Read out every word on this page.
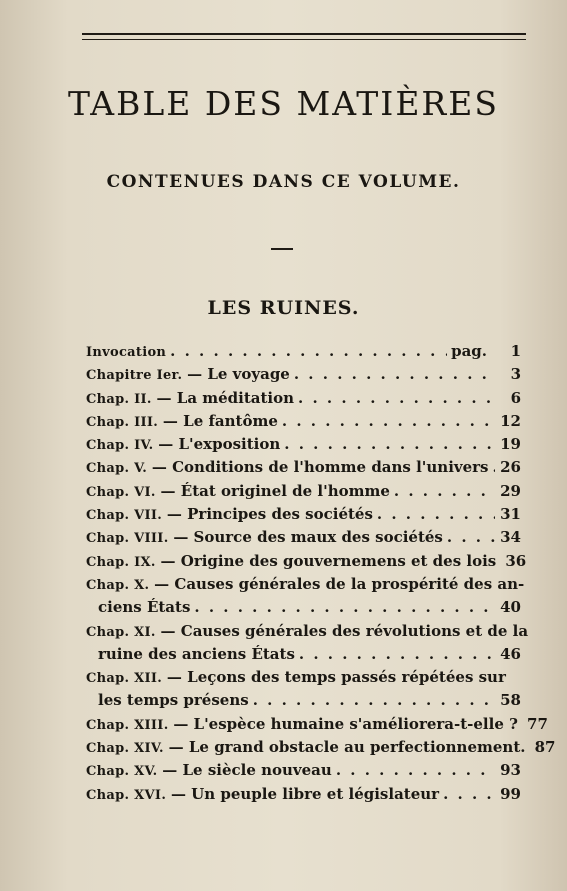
TABLE DES MATIÈRES
CONTENUES DANS CE VOLUME.
LES RUINES.
Invocation . . .	pag.	1
Chapitre Ier. — Le voyage . . .	3
Chap. II. — La méditation . . .	6
Chap. III. — Le fantôme . . .	12
Chap. IV. — L'exposition . . .	19
Chap. V. — Conditions de l'homme dans l'univers . . . 26
Chap. VI. — État originel de l'homme . . .	29
Chap. VII. — Principes des sociétés . . .	31
Chap. VIII. — Source des maux des sociétés . . .	34
Chap. IX. — Origine des gouvernemens et des lois 36
Chap. X. — Causes générales de la prospérité des an-
ciens États . . .	40
Chap. XI. — Causes générales des révolutions et de la
ruine des anciens États . . .	46
Chap. XII. — Leçons des temps passés répétées sur
les temps présens . . .	58
Chap. XIII. — L'espèce humaine s'améliorera-t-elle ? 77
Chap. XIV. — Le grand obstacle au perfectionnement. 87
Chap. XV. — Le siècle nouveau . . .	93
Chap. XVI. — Un peuple libre et législateur . . .	99
